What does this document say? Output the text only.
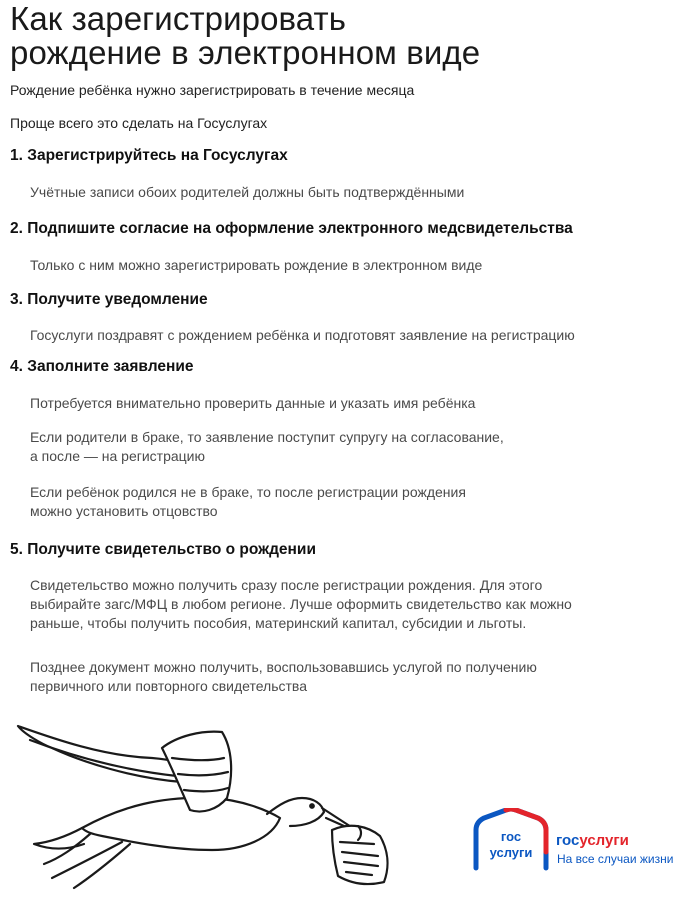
Как зарегистрировать
рождение в электронном виде
Рождение ребёнка нужно зарегистрировать в течение месяца
Проще всего это сделать на Госуслугах
1. Зарегистрируйтесь на Госуслугах
Учётные записи обоих родителей должны быть подтверждёнными
2. Подпишите согласие на оформление электронного медсвидетельства
Только с ним можно зарегистрировать рождение в электронном виде
3. Получите уведомление
Госуслуги поздравят с рождением ребёнка и подготовят заявление на регистрацию
4. Заполните заявление
Потребуется внимательно проверить данные и указать имя ребёнка
Если родители в браке, то заявление поступит супругу на согласование,
а после — на регистрацию
Если ребёнок родился не в браке, то после регистрации рождения
можно установить отцовство
5. Получите свидетельство о рождении
Свидетельство можно получить сразу после регистрации рождения. Для этого
выбирайте загс/МФЦ в любом регионе. Лучше оформить свидетельство как можно
раньше, чтобы получить пособия, материнский капитал, субсидии и льготы.
Позднее документ можно получить, воспользовавшись услугой по получению
первичного или повторного свидетельства
гос
услуги
госуслуги
На все случаи жизни
